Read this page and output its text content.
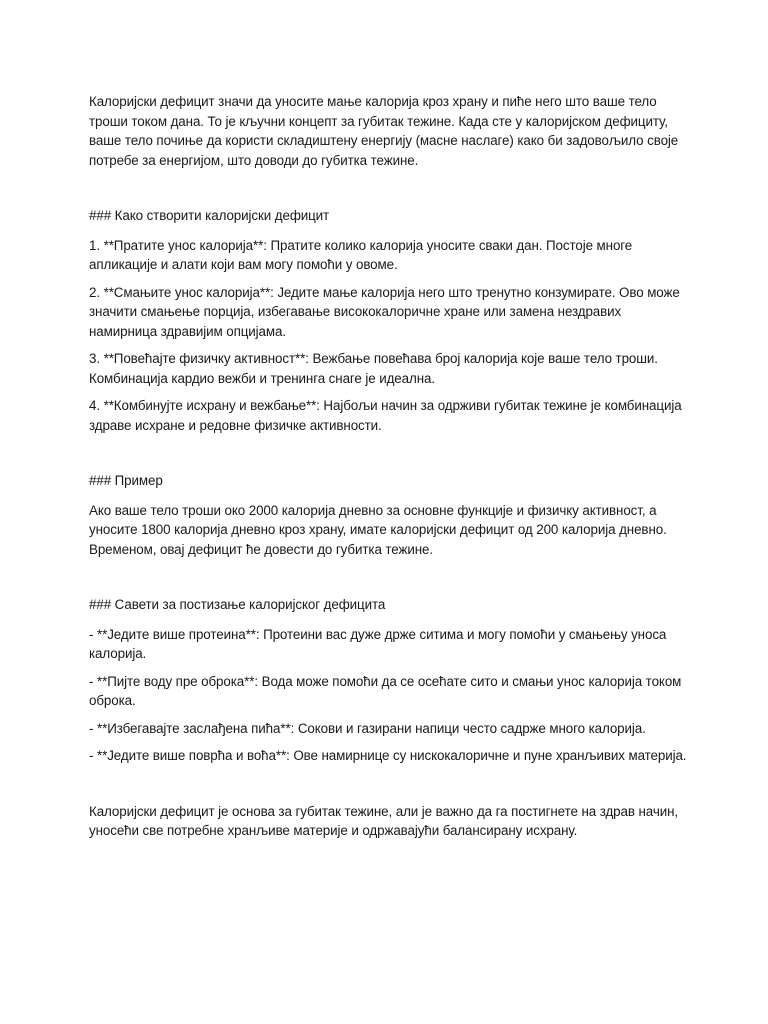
Калоријски дефицит значи да уносите мање калорија кроз храну и пиће него што ваше тело троши током дана. То је кључни концепт за губитак тежине. Када сте у калоријском дефициту, ваше тело почиње да користи складиштену енергију (масне наслаге) како би задовољило своје потребе за енергијом, што доводи до губитка тежине.

### Како створити калоријски дефицит

1. **Пратите унос калорија**: Пратите колико калорија уносите сваки дан. Постоје многе апликације и алати који вам могу помоћи у овоме.

2. **Смањите унос калорија**: Једите мање калорија него што тренутно конзумирате. Ово може значити смањење порција, избегавање висококалоричне хране или замена нездравих намирница здравијим опцијама.

3. **Повећајте физичку активност**: Вежбање повећава број калорија које ваше тело троши. Комбинација кардио вежби и тренинга снаге је идеална.

4. **Комбинујте исхрану и вежбање**: Најбољи начин за одрживи губитак тежине је комбинација здраве исхране и редовне физичке активности.

### Пример

Ако ваше тело троши око 2000 калорија дневно за основне функције и физичку активност, а уносите 1800 калорија дневно кроз храну, имате калоријски дефицит од 200 калорија дневно. Временом, овај дефицит ће довести до губитка тежине.

### Савети за постизање калоријског дефицита

- **Једите више протеина**: Протеини вас дуже држе ситима и могу помоћи у смањењу уноса калорија.

- **Пијте воду пре оброка**: Вода може помоћи да се осећате сито и смањи унос калорија током оброка.

- **Избегавајте заслађена пића**: Сокови и газирани напици често садрже много калорија.

- **Једите више поврћа и воћа**: Ове намирнице су нискокалоричне и пуне хранљивих материја.

Калоријски дефицит је основа за губитак тежине, али је важно да га постигнете на здрав начин, уносећи све потребне хранљиве материје и одржавајући балансирану исхрану.
